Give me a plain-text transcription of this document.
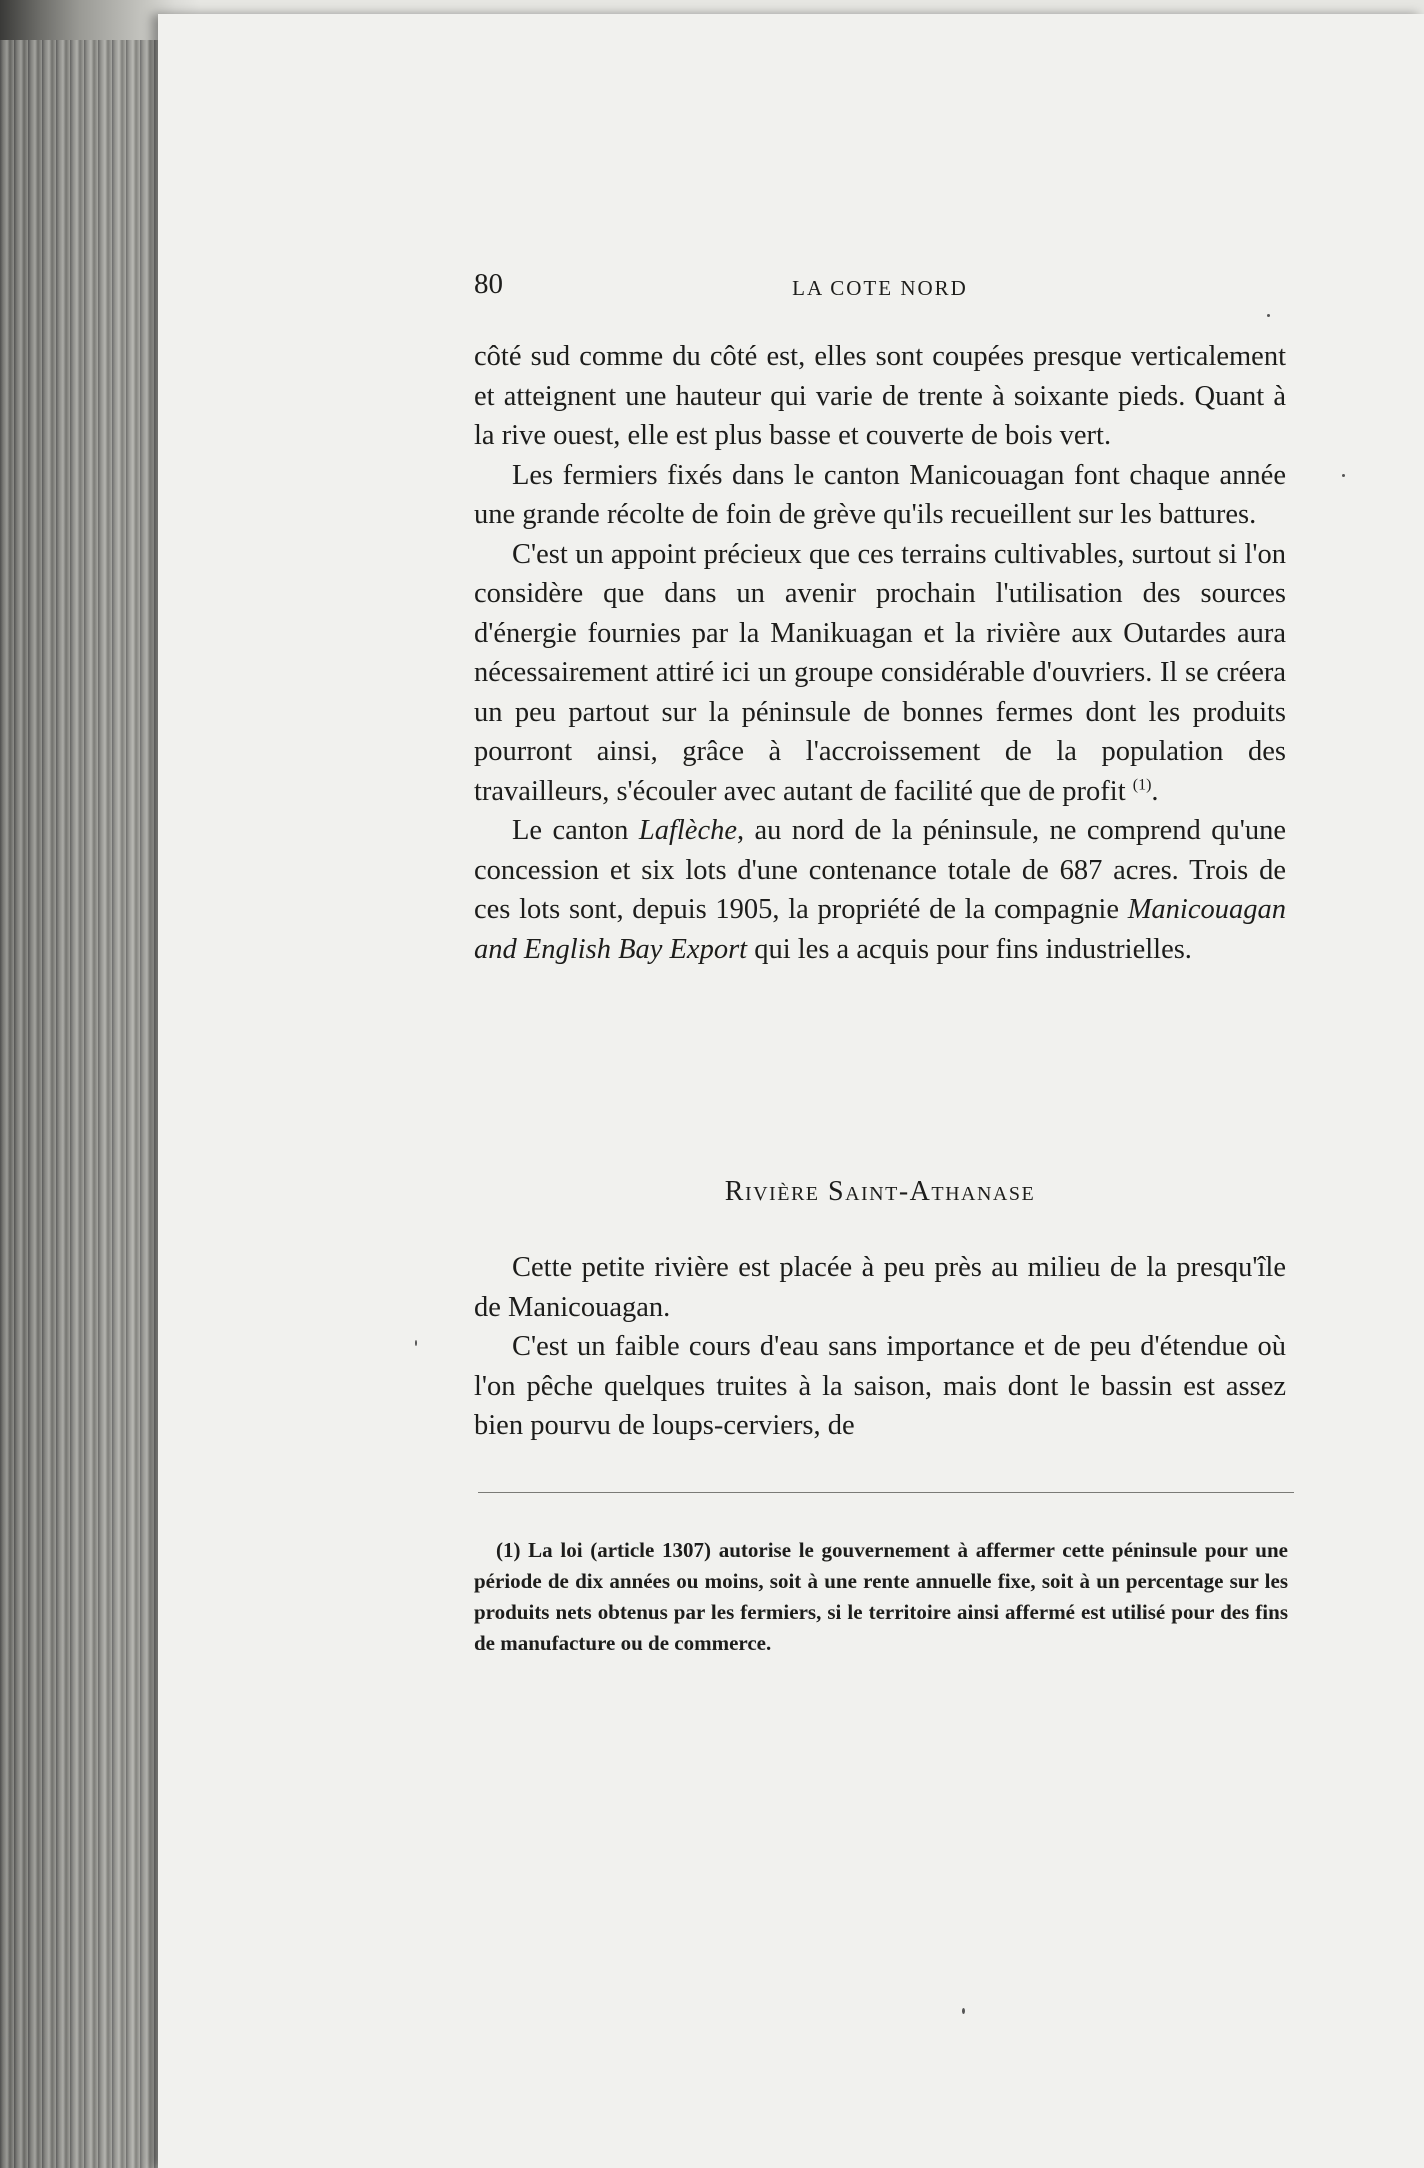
80	LA COTE NORD

côté sud comme du côté est, elles sont coupées presque verticalement et atteignent une hauteur qui varie de trente à soixante pieds. Quant à la rive ouest, elle est plus basse et couverte de bois vert.

Les fermiers fixés dans le canton Manicouagan font chaque année une grande récolte de foin de grève qu'ils recueillent sur les battures.

C'est un appoint précieux que ces terrains cultivables, surtout si l'on considère que dans un avenir prochain l'utilisation des sources d'énergie fournies par la Manikuagan et la rivière aux Outardes aura nécessairement attiré ici un groupe considérable d'ouvriers. Il se créera un peu partout sur la péninsule de bonnes fermes dont les produits pourront ainsi, grâce à l'accroissement de la population des travailleurs, s'écouler avec autant de facilité que de profit $^{(1)}$.

Le canton Laflèche, au nord de la péninsule, ne comprend qu'une concession et six lots d'une contenance totale de 687 acres. Trois de ces lots sont, depuis 1905, la propriété de la compagnie Manicouagan and English Bay Export qui les a acquis pour fins industrielles.

Rivière Saint-Athanase

Cette petite rivière est placée à peu près au milieu de la presqu'île de Manicouagan.

C'est un faible cours d'eau sans importance et de peu d'étendue où l'on pêche quelques truites à la saison, mais dont le bassin est assez bien pourvu de loups-cerviers, de

(1) La loi (article 1307) autorise le gouvernement à affermer cette péninsule pour une période de dix années ou moins, soit à une rente annuelle fixe, soit à un percentage sur les produits nets obtenus par les fermiers, si le territoire ainsi affermé est utilisé pour des fins de manufacture ou de commerce.
